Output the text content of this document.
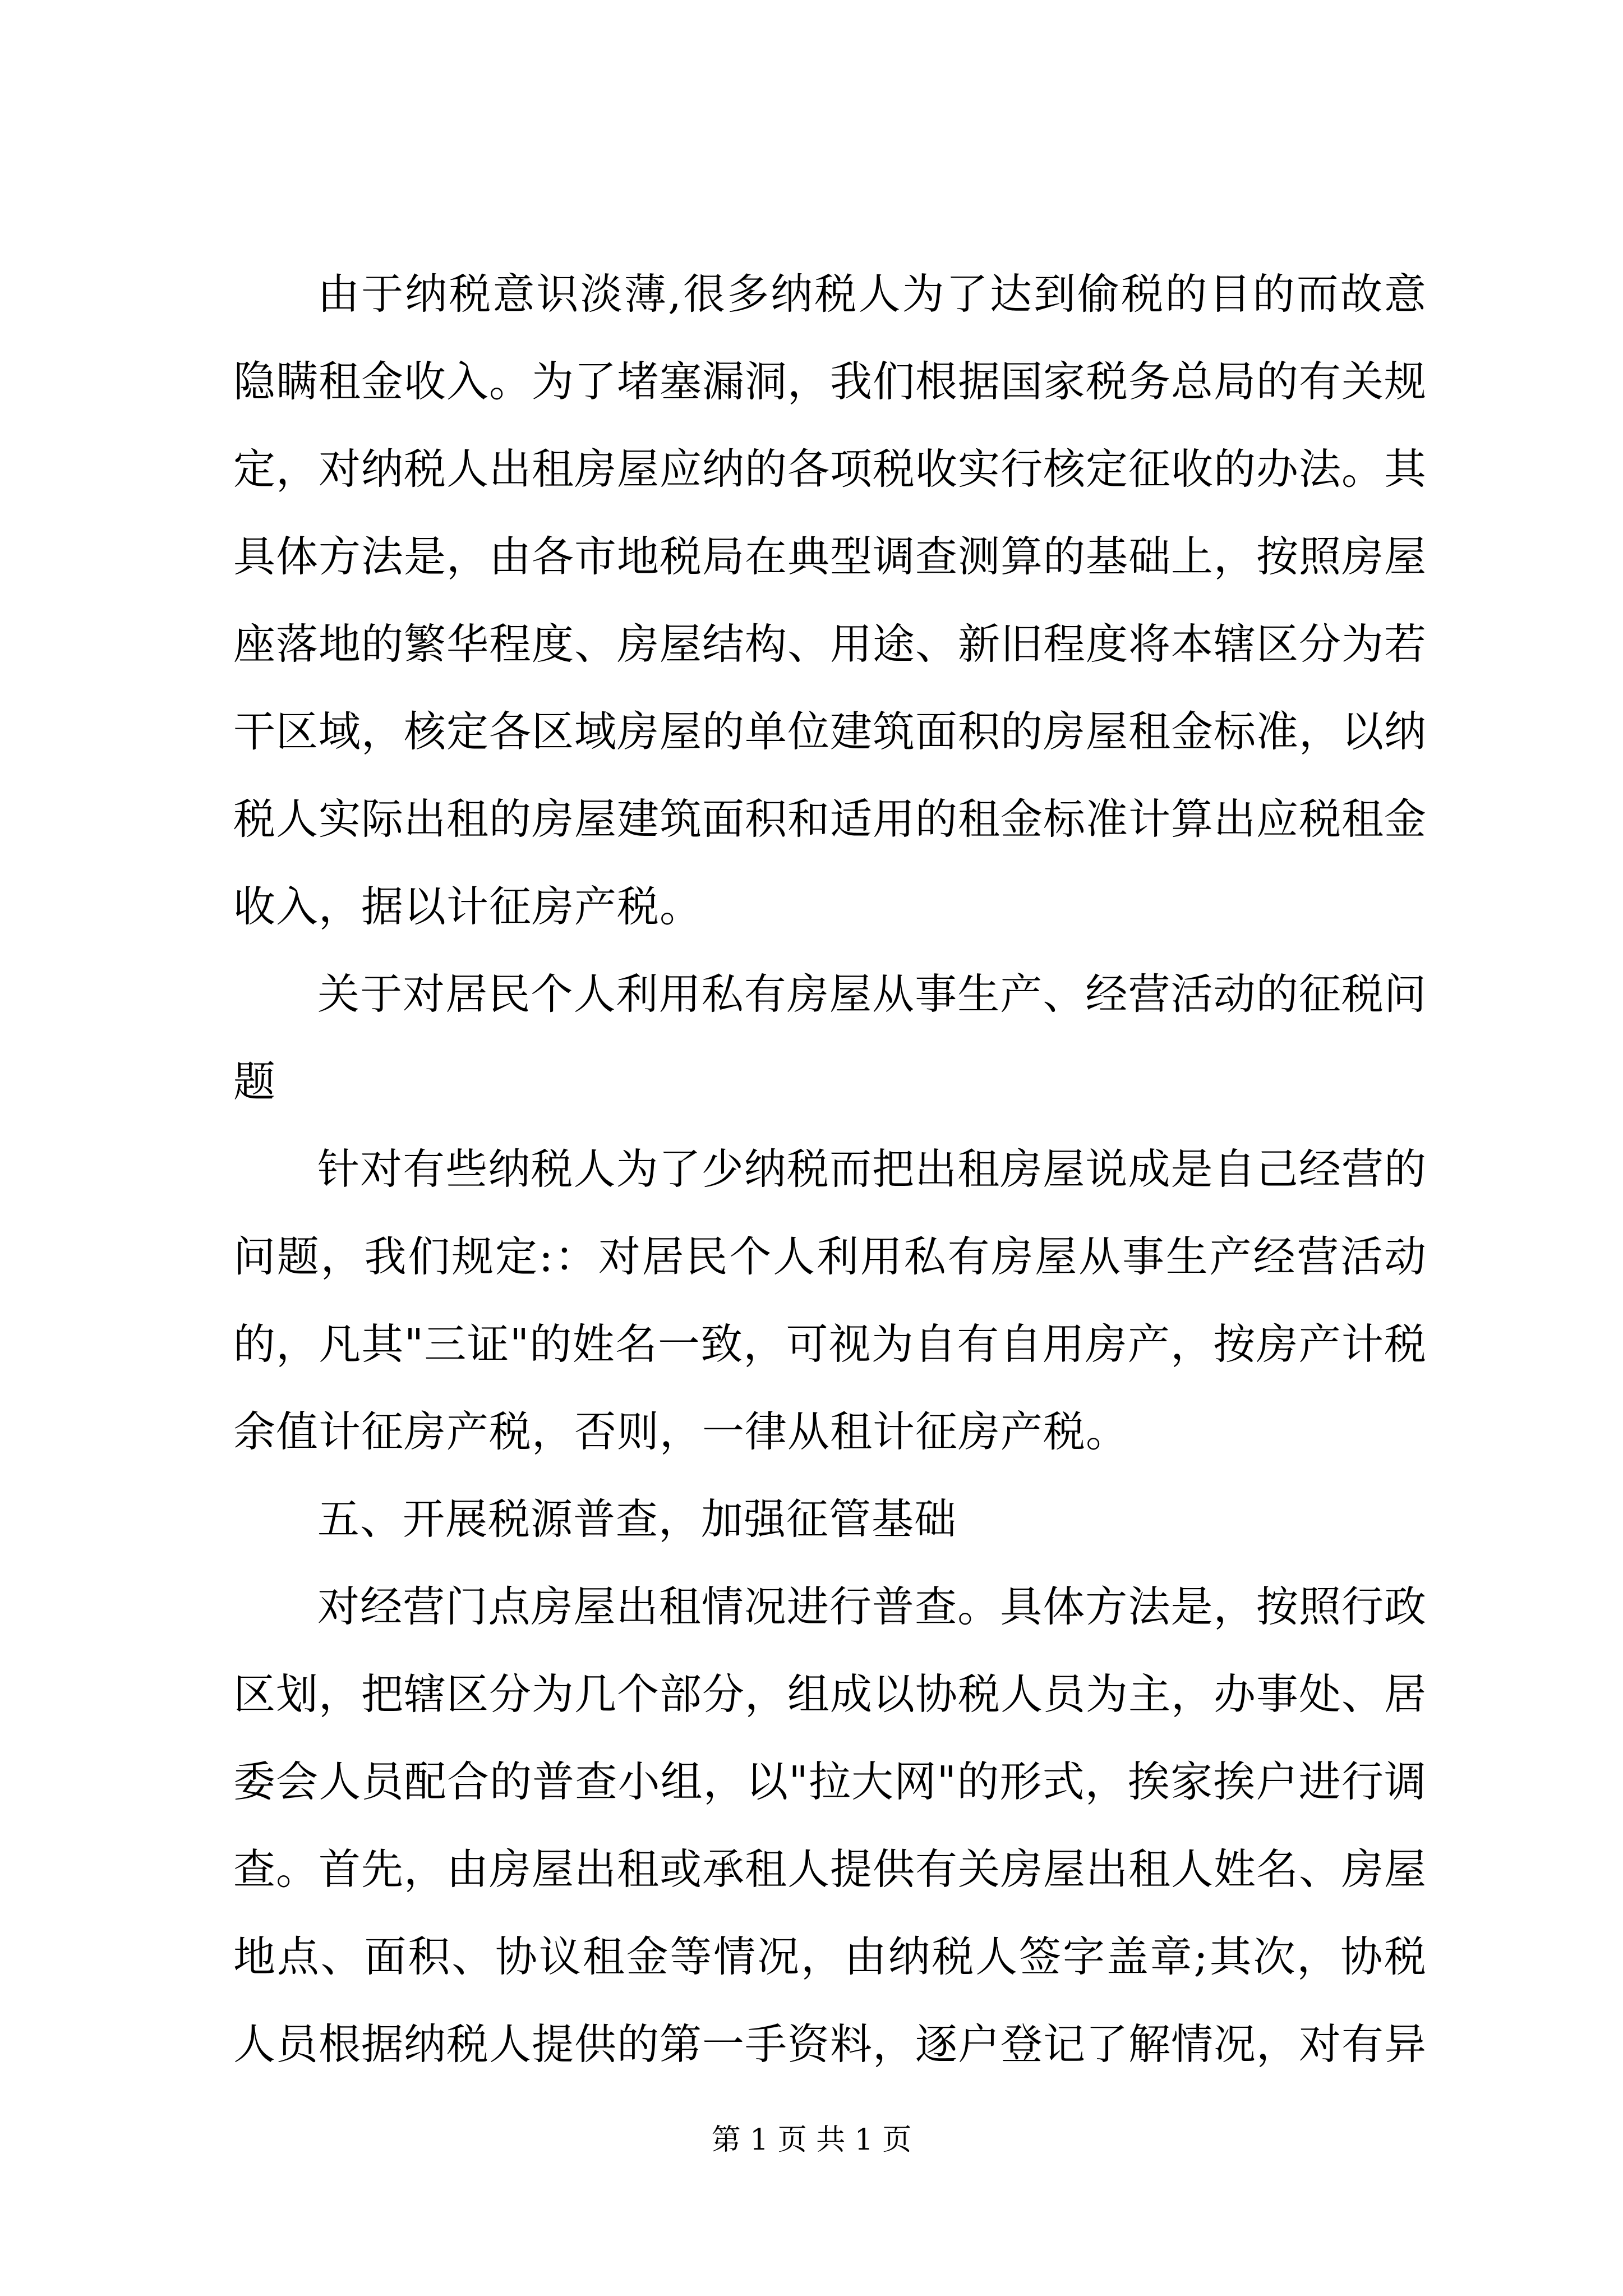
由于纳税意识淡薄,很多纳税人为了达到偷税的目的而故意隐瞒租金收入。为了堵塞漏洞，我们根据国家税务总局的有关规定，对纳税人出租房屋应纳的各项税收实行核定征收的办法。其具体方法是，由各市地税局在典型调查测算的基础上，按照房屋座落地的繁华程度、房屋结构、用途、新旧程度将本辖区分为若干区域，核定各区域房屋的单位建筑面积的房屋租金标准，以纳税人实际出租的房屋建筑面积和适用的租金标准计算出应税租金收入，据以计征房产税。

关于对居民个人利用私有房屋从事生产、经营活动的征税问题

针对有些纳税人为了少纳税而把出租房屋说成是自己经营的问题，我们规定:：对居民个人利用私有房屋从事生产经营活动的，凡其"三证"的姓名一致，可视为自有自用房产，按房产计税余值计征房产税，否则，一律从租计征房产税。

五、开展税源普查，加强征管基础

对经营门点房屋出租情况进行普查。具体方法是，按照行政区划，把辖区分为几个部分，组成以协税人员为主，办事处、居委会人员配合的普查小组，以"拉大网"的形式，挨家挨户进行调查。首先，由房屋出租或承租人提供有关房屋出租人姓名、房屋地点、面积、协议租金等情况，由纳税人签字盖章;其次，协税人员根据纳税人提供的第一手资料，逐户登记了解情况，对有异

第 1 页 共 1 页
